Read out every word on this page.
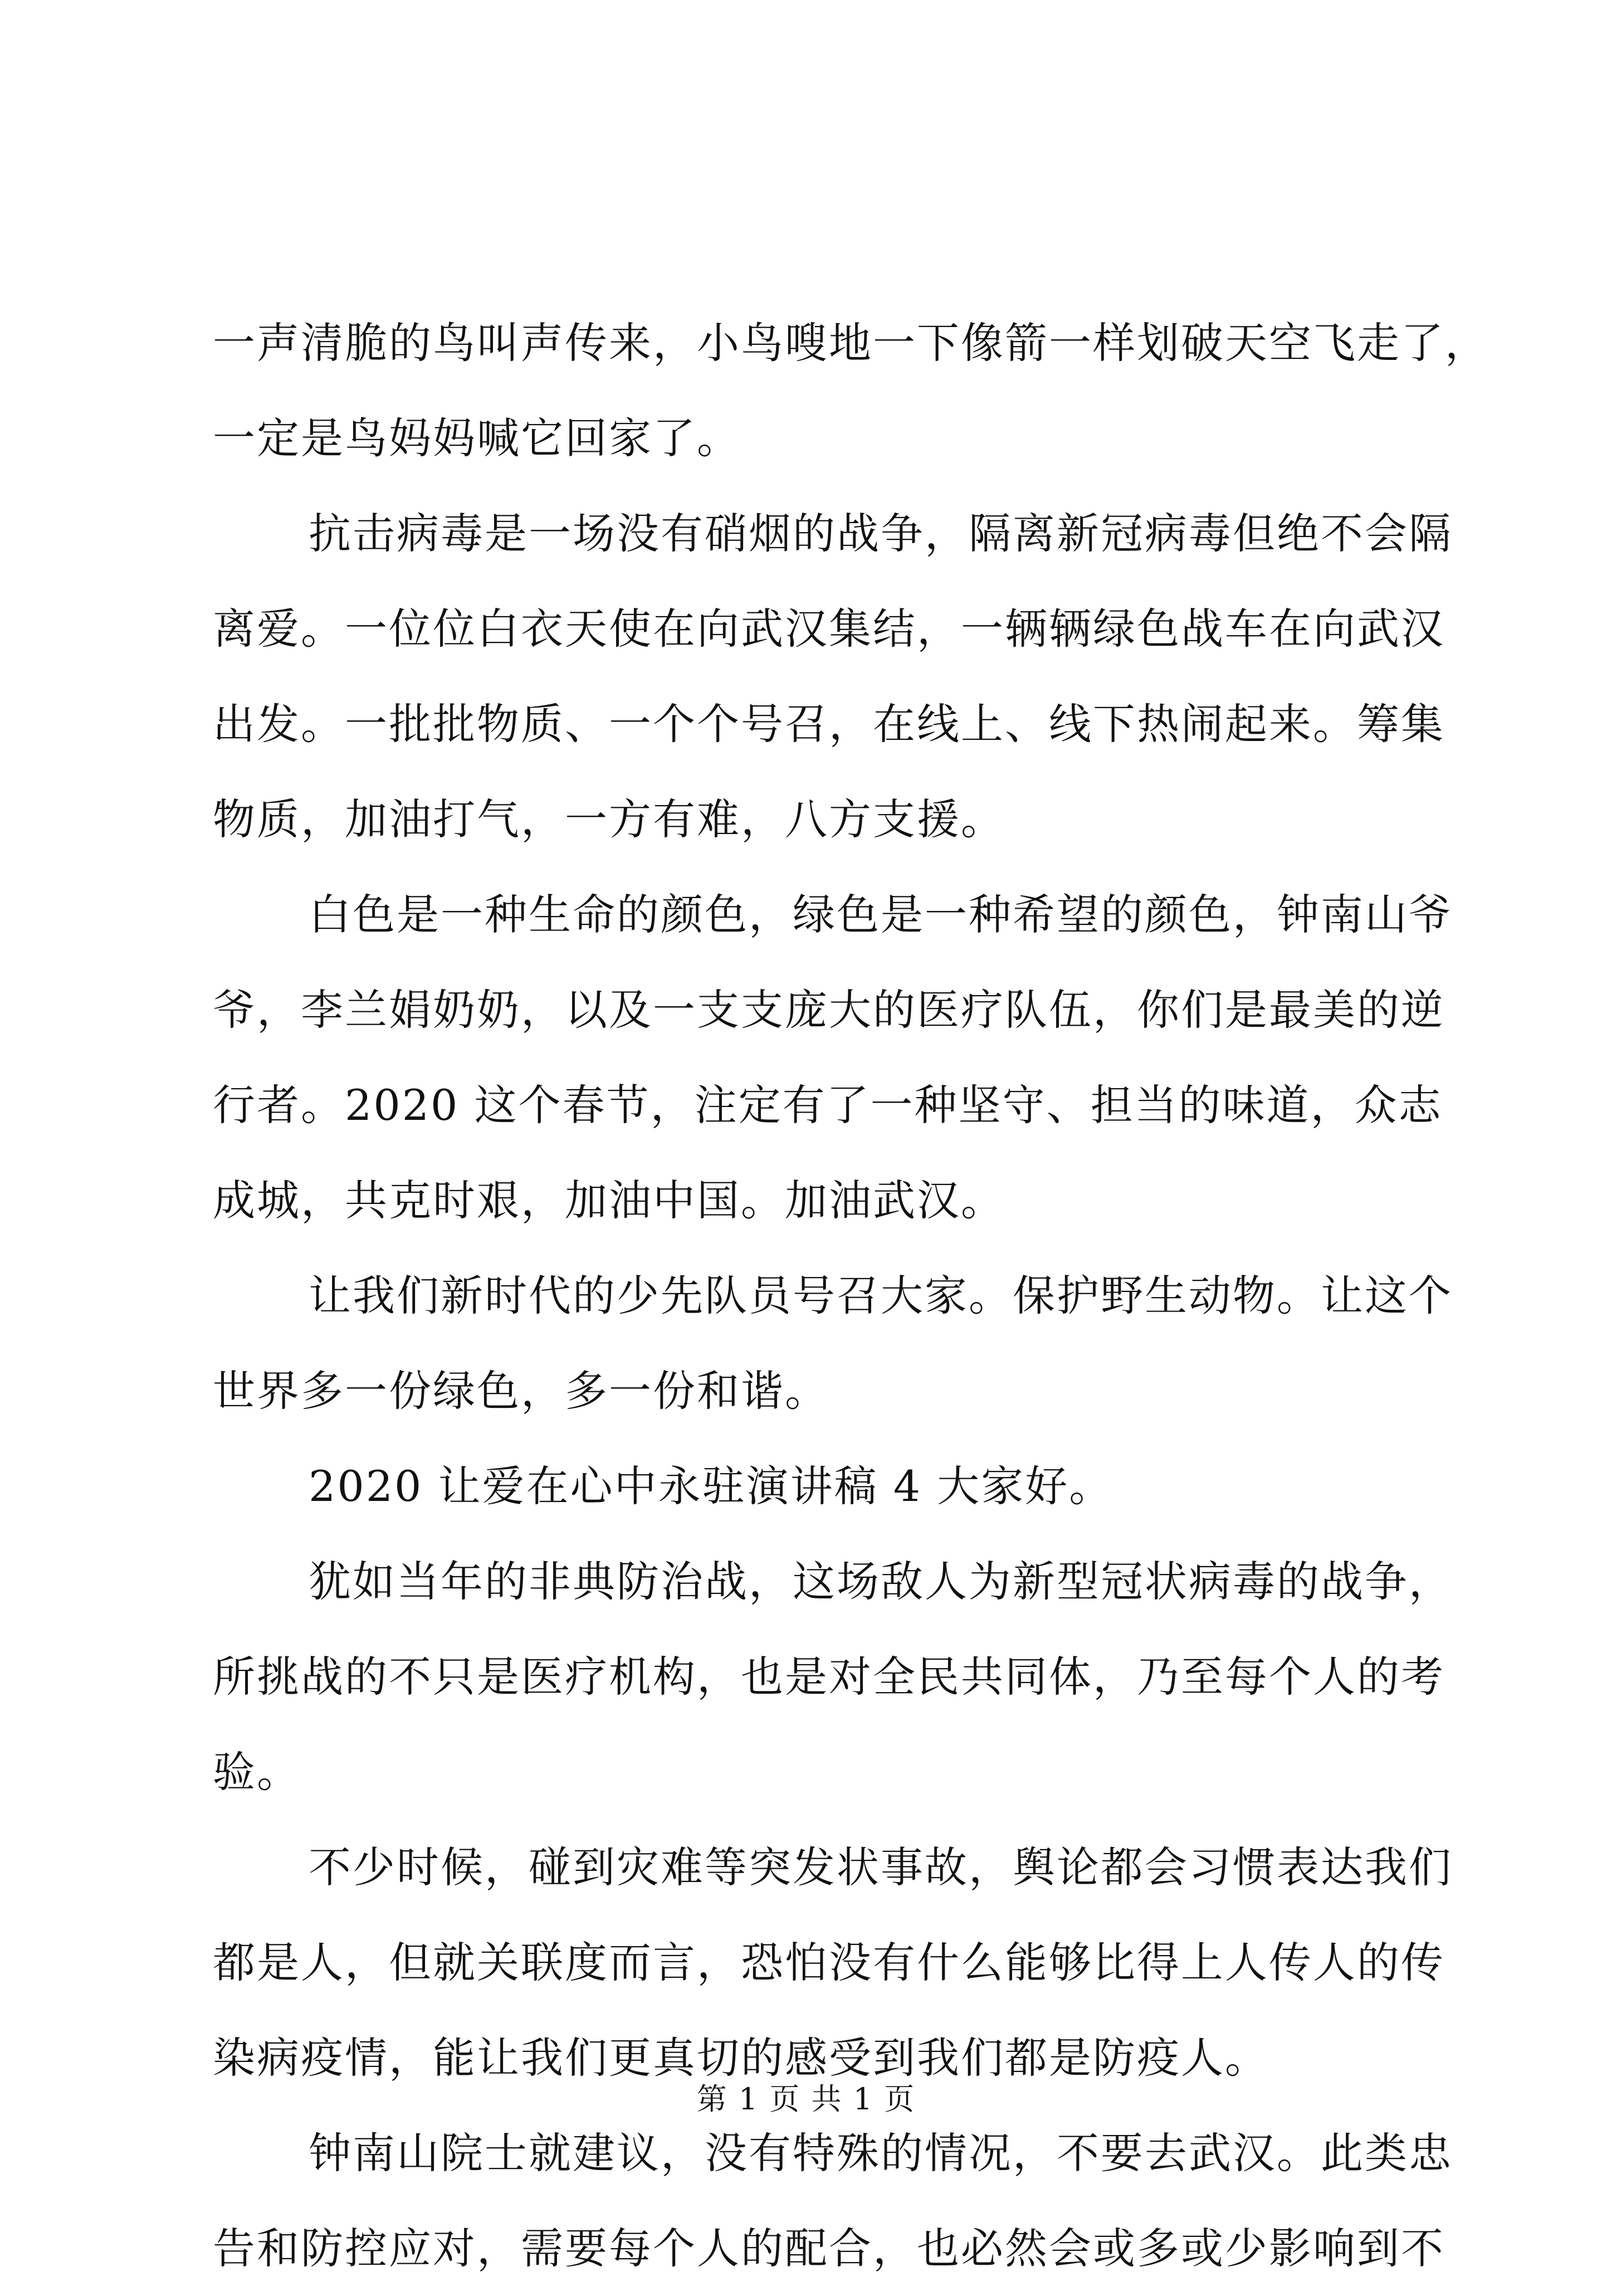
一声清脆的鸟叫声传来，小鸟嗖地一下像箭一样划破天空飞走了，
一定是鸟妈妈喊它回家了。

抗击病毒是一场没有硝烟的战争，隔离新冠病毒但绝不会隔
离爱。一位位白衣天使在向武汉集结，一辆辆绿色战车在向武汉
出发。一批批物质、一个个号召，在线上、线下热闹起来。筹集
物质，加油打气，一方有难，八方支援。

白色是一种生命的颜色，绿色是一种希望的颜色，钟南山爷
爷，李兰娟奶奶，以及一支支庞大的医疗队伍，你们是最美的逆
行者。2020 这个春节，注定有了一种坚守、担当的味道，众志
成城，共克时艰，加油中国。加油武汉。

让我们新时代的少先队员号召大家。保护野生动物。让这个
世界多一份绿色，多一份和谐。

2020 让爱在心中永驻演讲稿 4 大家好。

犹如当年的非典防治战，这场敌人为新型冠状病毒的战争，
所挑战的不只是医疗机构，也是对全民共同体，乃至每个人的考
验。

不少时候，碰到灾难等突发状事故，舆论都会习惯表达我们
都是人，但就关联度而言，恐怕没有什么能够比得上人传人的传
染病疫情，能让我们更真切的感受到我们都是防疫人。

钟南山院士就建议，没有特殊的情况，不要去武汉。此类忠
告和防控应对，需要每个人的配合，也必然会或多或少影响到不

第 1 页 共 1 页
